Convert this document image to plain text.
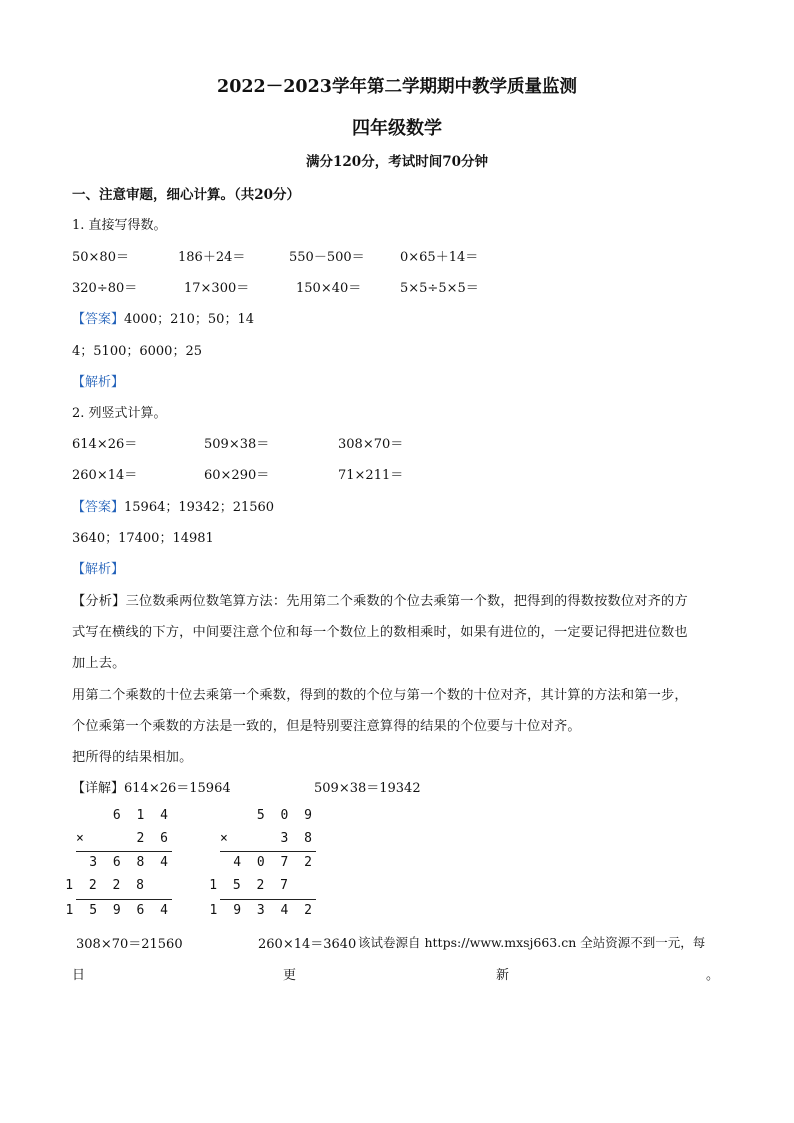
2022－2023学年第二学期期中教学质量监测
四年级数学
满分120分，考试时间70分钟
一、注意审题，细心计算。（共20分）
1. 直接写得数。
50×80＝	186＋24＝	550－500＝	0×65＋14＝
320÷80＝	17×300＝	150×40＝	5×5÷5×5＝
【答案】4000；210；50；14
4；5100；6000；25
【解析】
2. 列竖式计算。
614×26＝	509×38＝	308×70＝
260×14＝	60×290＝	71×211＝
【答案】15964；19342；21560
3640；17400；14981
【解析】
【分析】三位数乘两位数笔算方法：先用第二个乘数的个位去乘第一个数，把得到的得数按数位对齐的方
式写在横线的下方，中间要注意个位和每一个数位上的数相乘时，如果有进位的，一定要记得把进位数也
加上去。
用第二个乘数的十位去乘第一个乘数，得到的数的个位与第一个数的十位对齐，其计算的方法和第一步，
个位乘第一个乘数的方法是一致的，但是特别要注意算得的结果的个位要与十位对齐。
把所得的结果相加。
【详解】614×26＝15964	509×38＝19342
6 1 4
×	2 6
3 6 8 4
1 2 2 8
1 5 9 6 4
5 0 9
×	3 8
4 0 7 2
1 5 2 7
1 9 3 4 2
308×70＝21560	260×14＝3640 该试卷源自 https://www.mxsj663.cn 全站资源不到一元，每
日	更	新	。
